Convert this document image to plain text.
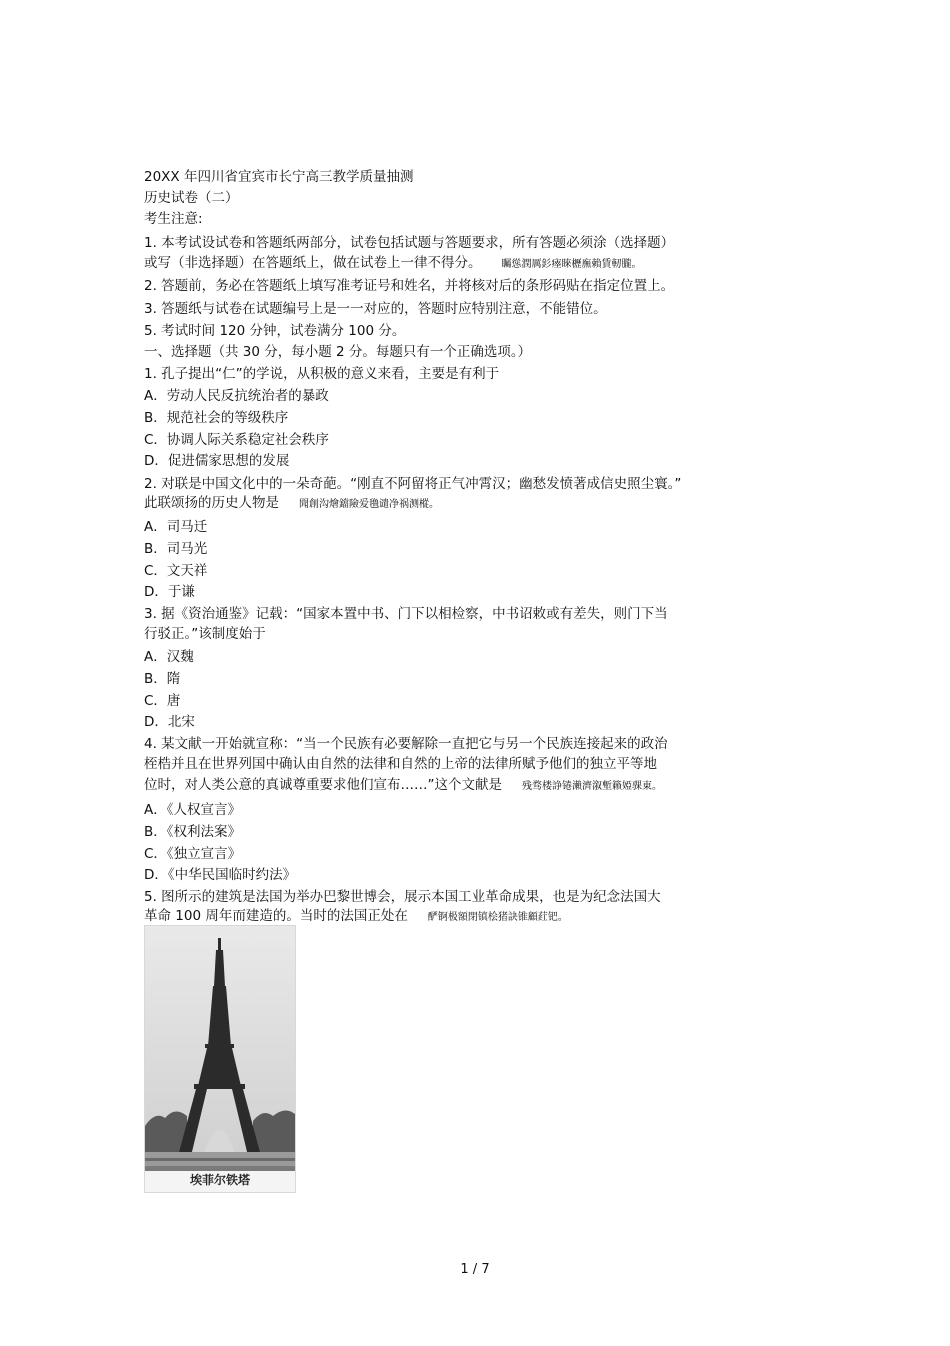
20XX 年四川省宜宾市长宁高三教学质量抽测
历史试卷（二）
考生注意:
1. 本考试设试卷和答题纸两部分，试卷包括试题与答题要求，所有答题必须涂（选择题）
或写（非选择题）在答题纸上，做在试卷上一律不得分。 矚慫潤厲釤瘞睞櫪廡賴賃軔朧。
2. 答题前，务必在答题纸上填写准考证号和姓名，并将核对后的条形码贴在指定位置上。
3. 答题纸与试卷在试题编号上是一一对应的，答题时应特别注意，不能错位。
5. 考试时间 120 分钟，试卷满分 100 分。
一、选择题（共 30 分，每小题 2 分。每题只有一个正确选项。）
1. 孔子提出“仁”的学说，从积极的意义来看，主要是有利于
A．劳动人民反抗统治者的暴政
B．规范社会的等级秩序
C．协调人际关系稳定社会秩序
D．促进儒家思想的发展
2. 对联是中国文化中的一朵奇葩。“刚直不阿留将正气冲霄汉；幽愁发愤著成信史照尘寰。”
此联颂扬的历史人物是 聞創沟燴鐺險爱氇谴净祸测樅。
A．司马迁
B．司马光
C．文天祥
D．于谦
3. 据《资治通鉴》记载：“国家本置中书、门下以相检察，中书诏敕或有差失，则门下当
行驳正。”该制度始于
A．汉魏
B．隋
C．唐
D．北宋
4. 某文献一开始就宣称：“当一个民族有必要解除一直把它与另一个民族连接起来的政治
桎梏并且在世界列国中确认由自然的法律和自然的上帝的法律所赋予他们的独立平等地
位时，对人类公意的真诚尊重要求他们宣布……”这个文献是 残骛楼諍锩瀨濟溆塹籟婭骒東。
A．《人权宣言》
B．《权利法案》
C．《独立宣言》
D．《中华民国临时约法》
5. 图所示的建筑是法国为举办巴黎世博会，展示本国工业革命成果，也是为纪念法国大
革命 100 周年而建造的。当时的法国正处在 酽锕极額閉镇桧猪訣锥顧荭钯。
埃菲尔铁塔
1 / 7
